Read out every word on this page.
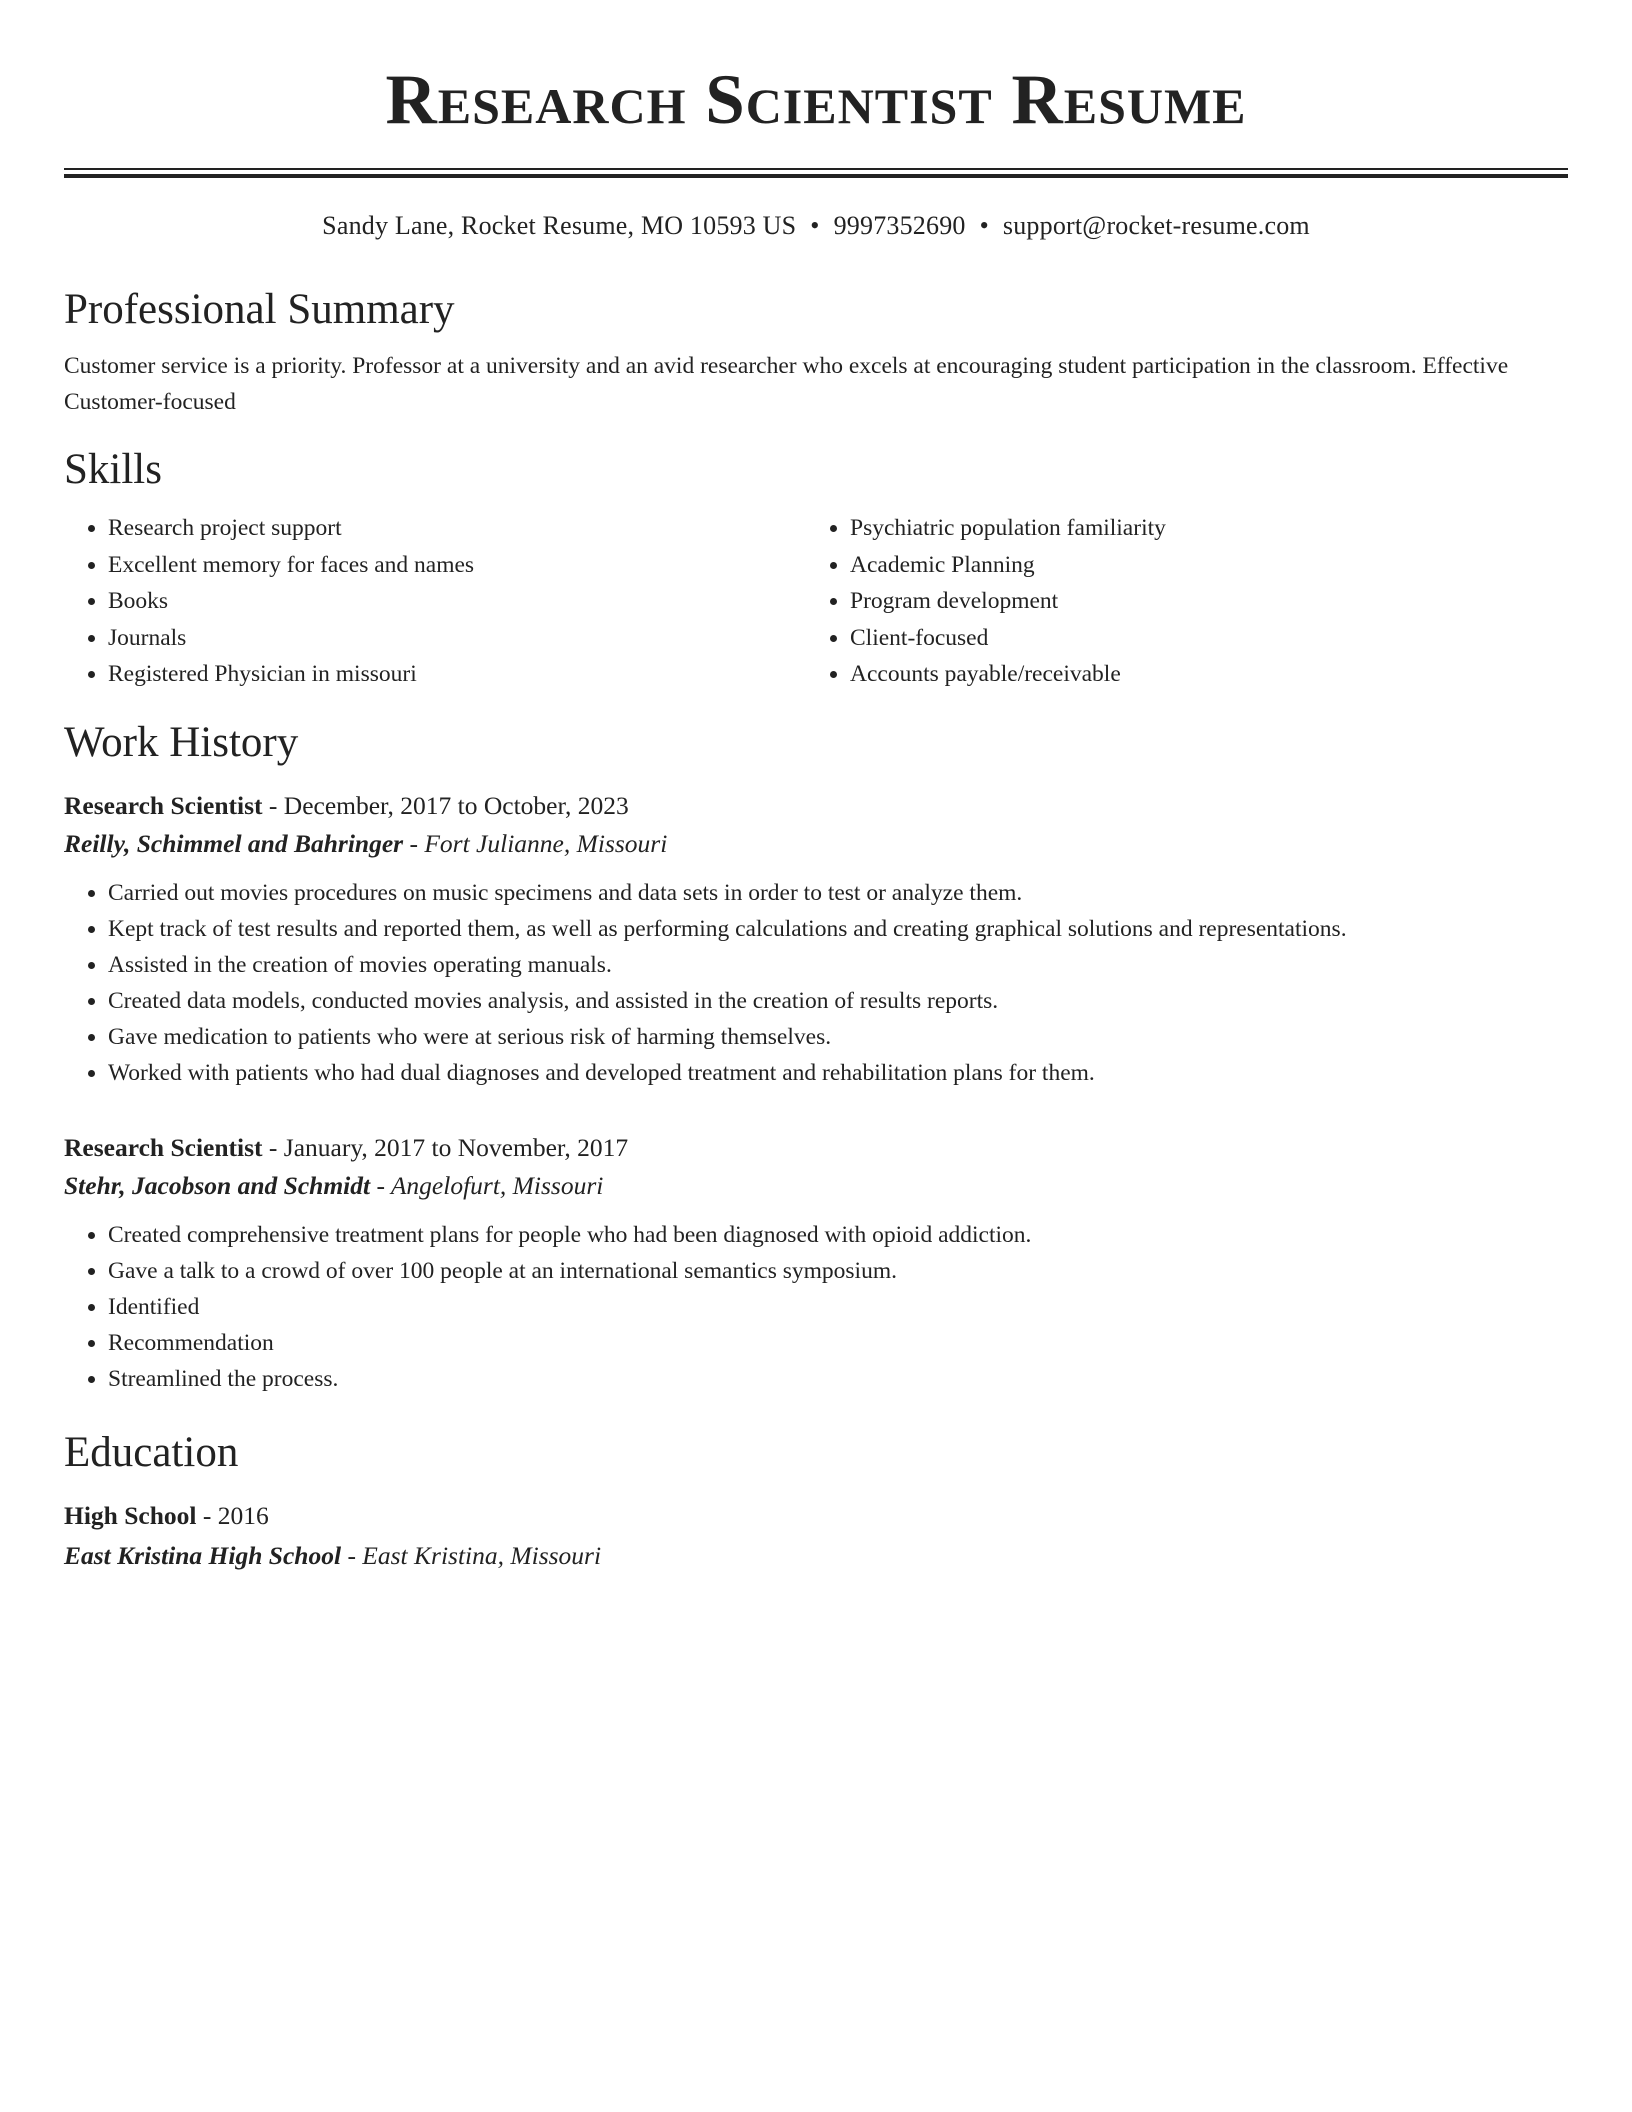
Research Scientist Resume
Sandy Lane, Rocket Resume, MO 10593 US • 9997352690 • support@rocket-resume.com
Professional Summary
Customer service is a priority. Professor at a university and an avid researcher who excels at encouraging student participation in the classroom. Effective Customer-focused
Skills
• Research project support
• Excellent memory for faces and names
• Books
• Journals
• Registered Physician in missouri
• Psychiatric population familiarity
• Academic Planning
• Program development
• Client-focused
• Accounts payable/receivable
Work History
Research Scientist - December, 2017 to October, 2023
Reilly, Schimmel and Bahringer - Fort Julianne, Missouri
• Carried out movies procedures on music specimens and data sets in order to test or analyze them.
• Kept track of test results and reported them, as well as performing calculations and creating graphical solutions and representations.
• Assisted in the creation of movies operating manuals.
• Created data models, conducted movies analysis, and assisted in the creation of results reports.
• Gave medication to patients who were at serious risk of harming themselves.
• Worked with patients who had dual diagnoses and developed treatment and rehabilitation plans for them.
Research Scientist - January, 2017 to November, 2017
Stehr, Jacobson and Schmidt - Angelofurt, Missouri
• Created comprehensive treatment plans for people who had been diagnosed with opioid addiction.
• Gave a talk to a crowd of over 100 people at an international semantics symposium.
• Identified
• Recommendation
• Streamlined the process.
Education
High School - 2016
East Kristina High School - East Kristina, Missouri
